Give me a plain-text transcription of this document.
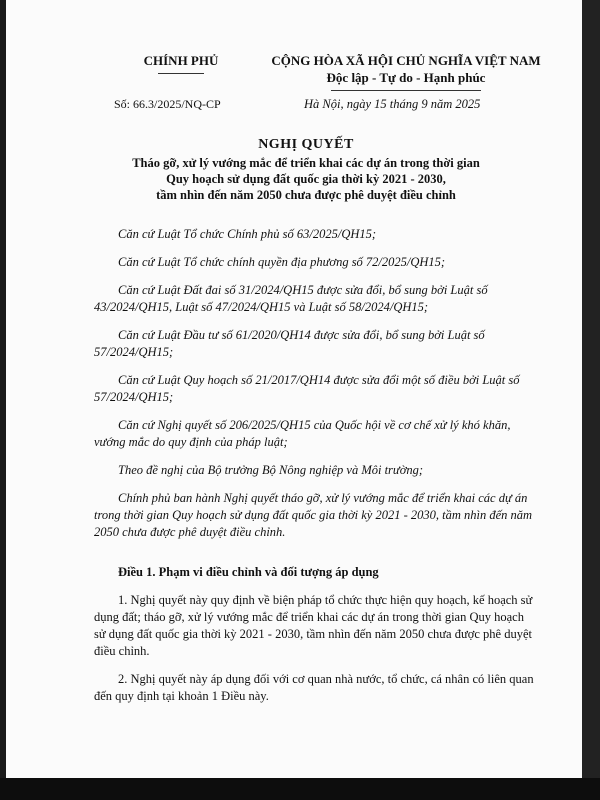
CHÍNH PHỦ	CỘNG HÒA XÃ HỘI CHỦ NGHĨA VIỆT NAM
Độc lập - Tự do - Hạnh phúc
Số: 66.3/2025/NQ-CP	Hà Nội, ngày 15 tháng 9 năm 2025
NGHỊ QUYẾT
Tháo gỡ, xử lý vướng mắc để triển khai các dự án trong thời gian
Quy hoạch sử dụng đất quốc gia thời kỳ 2021 - 2030,
tầm nhìn đến năm 2050 chưa được phê duyệt điều chỉnh

Căn cứ Luật Tổ chức Chính phủ số 63/2025/QH15;

Căn cứ Luật Tổ chức chính quyền địa phương số 72/2025/QH15;

Căn cứ Luật Đất đai số 31/2024/QH15 được sửa đổi, bổ sung bởi Luật số 43/2024/QH15, Luật số 47/2024/QH15 và Luật số 58/2024/QH15;

Căn cứ Luật Đầu tư số 61/2020/QH14 được sửa đổi, bổ sung bởi Luật số 57/2024/QH15;

Căn cứ Luật Quy hoạch số 21/2017/QH14 được sửa đổi một số điều bởi Luật số 57/2024/QH15;

Căn cứ Nghị quyết số 206/2025/QH15 của Quốc hội về cơ chế xử lý khó khăn, vướng mắc do quy định của pháp luật;

Theo đề nghị của Bộ trưởng Bộ Nông nghiệp và Môi trường;

Chính phủ ban hành Nghị quyết tháo gỡ, xử lý vướng mắc để triển khai các dự án trong thời gian Quy hoạch sử dụng đất quốc gia thời kỳ 2021 - 2030, tầm nhìn đến năm 2050 chưa được phê duyệt điều chỉnh.

Điều 1. Phạm vi điều chỉnh và đối tượng áp dụng

1. Nghị quyết này quy định về biện pháp tổ chức thực hiện quy hoạch, kế hoạch sử dụng đất; tháo gỡ, xử lý vướng mắc để triển khai các dự án trong thời gian Quy hoạch sử dụng đất quốc gia thời kỳ 2021 - 2030, tầm nhìn đến năm 2050 chưa được phê duyệt điều chỉnh.

2. Nghị quyết này áp dụng đối với cơ quan nhà nước, tổ chức, cá nhân có liên quan đến quy định tại khoản 1 Điều này.
